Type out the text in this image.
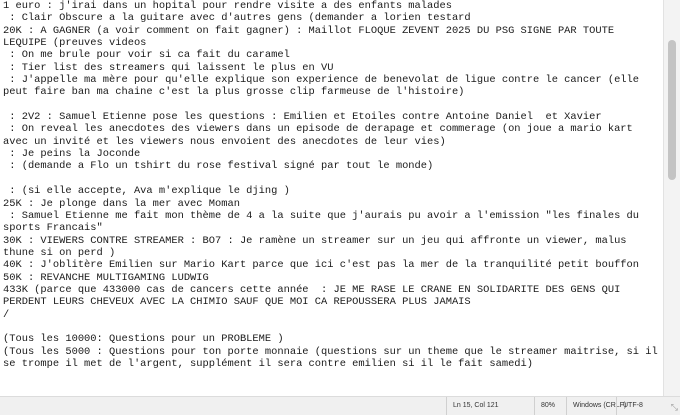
1 euro : j'irai dans un hopital pour rendre visite a des enfants malades
: Clair Obscure a la guitare avec d'autres gens (demander a lorien testard
20K : A GAGNER (a voir comment on fait gagner) : Maillot FLOQUE ZEVENT 2025 DU PSG SIGNE PAR TOUTE
LEQUIPE (preuves videos
: On me brule pour voir si ca fait du caramel
: Tier list des streamers qui laissent le plus en VU
: J'appelle ma mère pour qu'elle explique son experience de benevolat de ligue contre le cancer (elle
peut faire ban ma chaine c'est la plus grosse clip farmeuse de l'histoire)
: 2V2 : Samuel Etienne pose les questions : Emilien et Etoiles contre Antoine Daniel  et Xavier
: On reveal les anecdotes des viewers dans un episode de derapage et commerage (on joue a mario kart
avec un invité et les viewers nous envoient des anecdotes de leur vies)
: Je peins la Joconde
: (demande a Flo un tshirt du rose festival signé par tout le monde)
: (si elle accepte, Ava m'explique le djing )
25K : Je plonge dans la mer avec Moman
: Samuel Etienne me fait mon thème de 4 a la suite que j'aurais pu avoir a l'emission "les finales du
sports Francais"
30K : VIEWERS CONTRE STREAMER : BO7 : Je ramène un streamer sur un jeu qui affronte un viewer, malus
thune si on perd )
40K : J'oblitère Emilien sur Mario Kart parce que ici c'est pas la mer de la tranquilité petit bouffon
50K : REVANCHE MULTIGAMING LUDWIG
433K (parce que 433000 cas de cancers cette année  : JE ME RASE LE CRANE EN SOLIDARITE DES GENS QUI
PERDENT LEURS CHEVEUX AVEC LA CHIMIO SAUF QUE MOI CA REPOUSSERA PLUS JAMAIS
/
(Tous les 10000: Questions pour un PROBLEME )
(Tous les 5000 : Questions pour ton porte monnaie (questions sur un theme que le streamer maitrise, si il
se trompe il met de l'argent, supplément il sera contre emilien si il le fait samedi)
Ln 15, Col 121	80%	Windows (CRLF)
UTF-8	⤡
